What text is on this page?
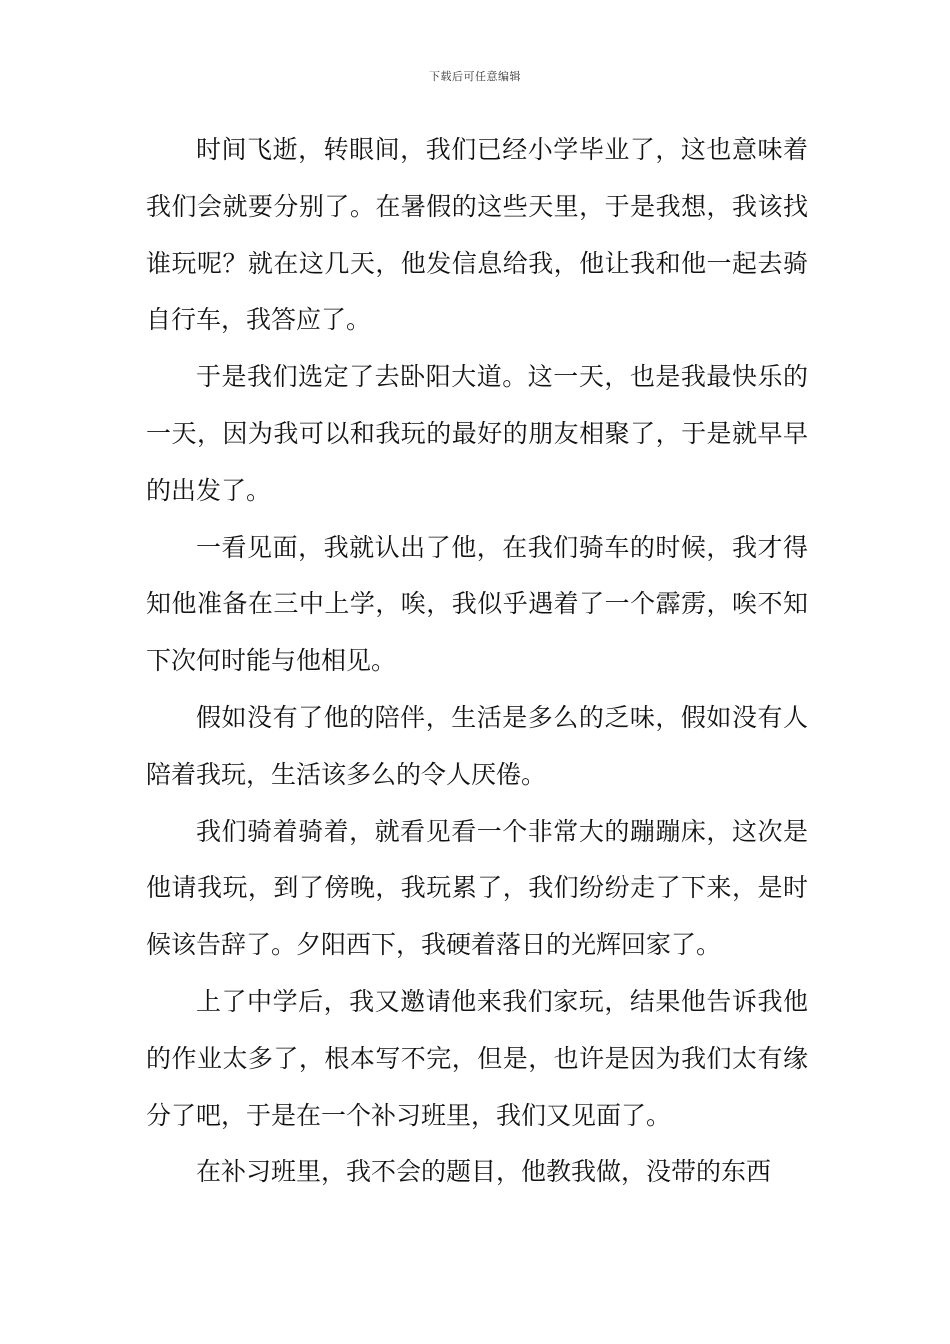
下载后可任意编辑

时间飞逝，转眼间，我们已经小学毕业了，这也意味着我们会就要分别了。在暑假的这些天里，于是我想，我该找谁玩呢？就在这几天，他发信息给我，他让我和他一起去骑自行车，我答应了。

于是我们选定了去卧阳大道。这一天，也是我最快乐的一天，因为我可以和我玩的最好的朋友相聚了，于是就早早的出发了。

一看见面，我就认出了他，在我们骑车的时候，我才得知他准备在三中上学，唉，我似乎遇着了一个霹雳，唉不知下次何时能与他相见。

假如没有了他的陪伴，生活是多么的乏味，假如没有人陪着我玩，生活该多么的令人厌倦。

我们骑着骑着，就看见看一个非常大的蹦蹦床，这次是他请我玩，到了傍晚，我玩累了，我们纷纷走了下来，是时候该告辞了。夕阳西下，我硬着落日的光辉回家了。

上了中学后，我又邀请他来我们家玩，结果他告诉我他的作业太多了，根本写不完，但是，也许是因为我们太有缘分了吧，于是在一个补习班里，我们又见面了。

在补习班里，我不会的题目，他教我做，没带的东西
